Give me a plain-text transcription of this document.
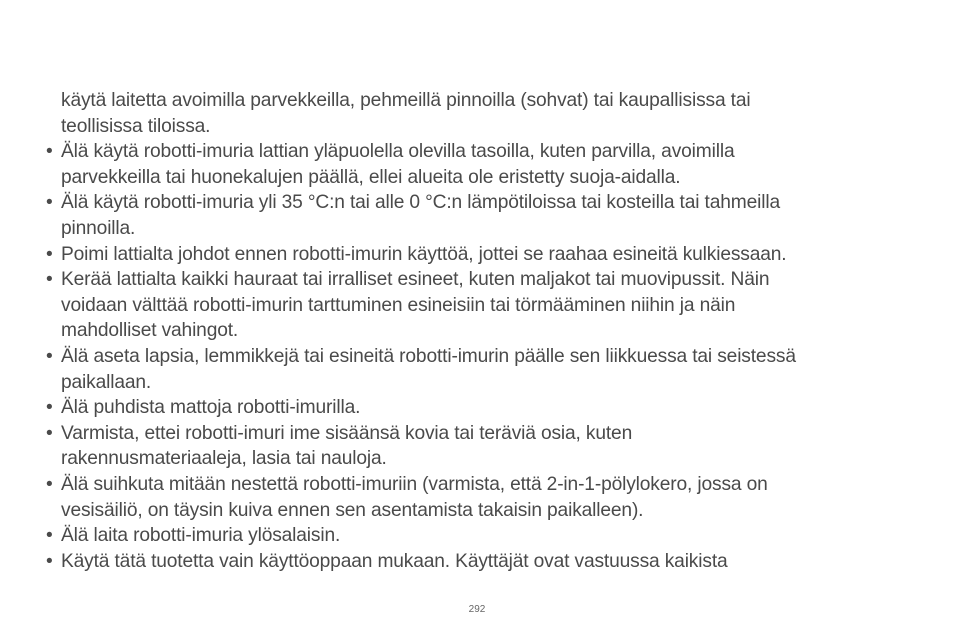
käytä laitetta avoimilla parvekkeilla, pehmeillä pinnoilla (sohvat) tai kaupallisissa tai
teollisissa tiloissa.
• Älä käytä robotti-imuria lattian yläpuolella olevilla tasoilla, kuten parvilla, avoimilla
parvekkeilla tai huonekalujen päällä, ellei alueita ole eristetty suoja-aidalla.
• Älä käytä robotti-imuria yli 35 °C:n tai alle 0 °C:n lämpötiloissa tai kosteilla tai tahmeilla
pinnoilla.
• Poimi lattialta johdot ennen robotti-imurin käyttöä, jottei se raahaa esineitä kulkiessaan.
• Kerää lattialta kaikki hauraat tai irralliset esineet, kuten maljakot tai muovipussit. Näin
voidaan välttää robotti-imurin tarttuminen esineisiin tai törmääminen niihin ja näin
mahdolliset vahingot.
• Älä aseta lapsia, lemmikkejä tai esineitä robotti-imurin päälle sen liikkuessa tai seistessä
paikallaan.
• Älä puhdista mattoja robotti-imurilla.
• Varmista, ettei robotti-imuri ime sisäänsä kovia tai teräviä osia, kuten
rakennusmateriaaleja, lasia tai nauloja.
• Älä suihkuta mitään nestettä robotti-imuriin (varmista, että 2-in-1-pölylokero, jossa on
vesisäiliö, on täysin kuiva ennen sen asentamista takaisin paikalleen).
• Älä laita robotti-imuria ylösalaisin.
• Käytä tätä tuotetta vain käyttöoppaan mukaan. Käyttäjät ovat vastuussa kaikista
292
